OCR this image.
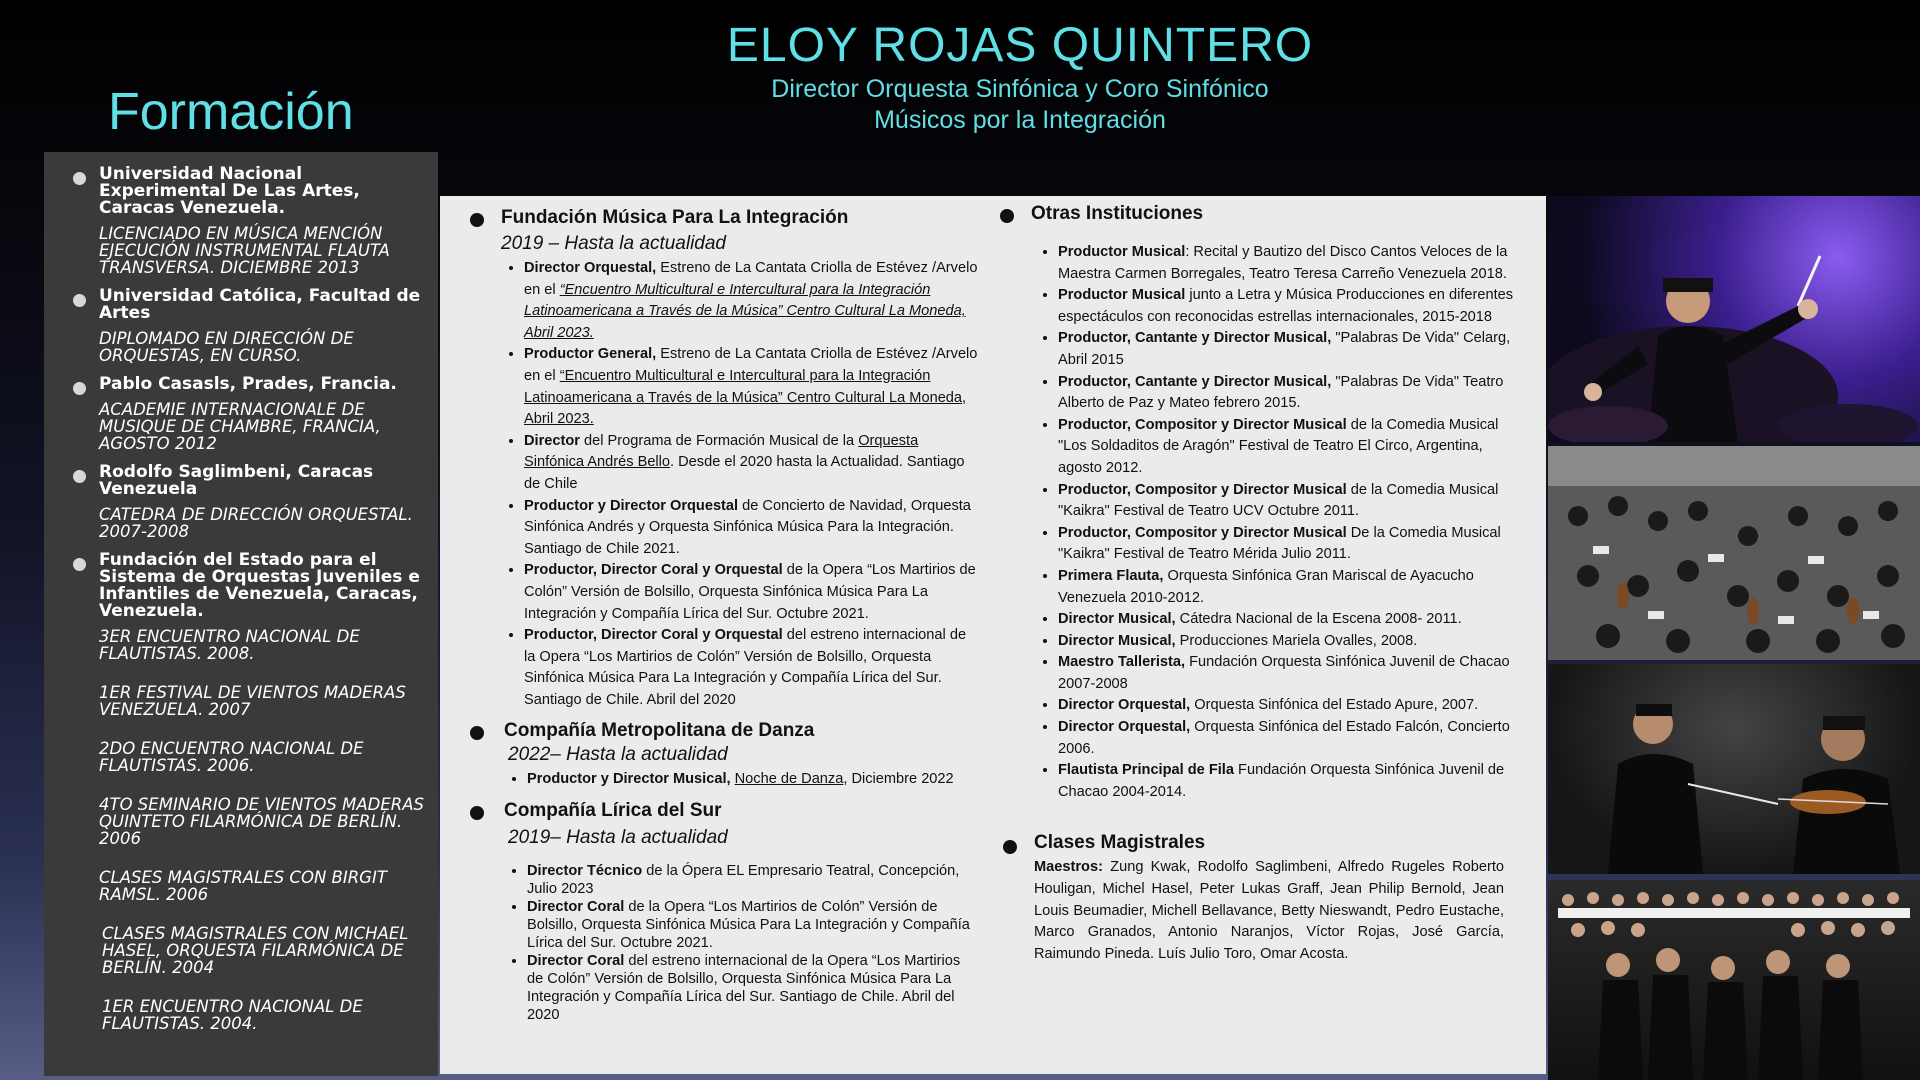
ELOY ROJAS QUINTERO
Director Orquesta Sinfónica y Coro Sinfónico
Músicos por la Integración
Formación
Universidad Nacional Experimental De Las Artes, Caracas Venezuela.
LICENCIADO EN MÚSICA MENCIÓN EJECUCIÓN INSTRUMENTAL FLAUTA TRANSVERSA. DICIEMBRE 2013
Universidad Católica, Facultad de Artes
DIPLOMADO EN DIRECCIÓN DE ORQUESTAS, EN CURSO.
Pablo Casasls, Prades, Francia.
ACADEMIE INTERNACIONALE DE MUSIQUE DE CHAMBRE, FRANCIA, AGOSTO 2012
Rodolfo Saglimbeni, Caracas Venezuela
CATEDRA DE DIRECCIÓN ORQUESTAL. 2007-2008
Fundación del Estado para el Sistema de Orquestas Juveniles e Infantiles de Venezuela, Caracas, Venezuela.
3ER ENCUENTRO NACIONAL DE FLAUTISTAS. 2008.
1ER FESTIVAL DE VIENTOS MADERAS VENEZUELA. 2007
2DO ENCUENTRO NACIONAL DE FLAUTISTAS. 2006.
4TO SEMINARIO DE VIENTOS MADERAS QUINTETO FILARMÓNICA DE BERLÍN. 2006
CLASES MAGISTRALES CON BIRGIT RAMSL. 2006
CLASES MAGISTRALES CON MICHAEL HASEL, ORQUESTA FILARMÓNICA DE BERLÍN. 2004
1ER ENCUENTRO NACIONAL DE FLAUTISTAS. 2004.
Fundación Música Para La Integración
2019 – Hasta la actualidad
• Director Orquestal, Estreno de La Cantata Criolla de Estévez /Arvelo en el “Encuentro Multicultural e Intercultural para la Integración Latinoamericana a Través de la Música” Centro Cultural La Moneda, Abril 2023.
• Productor General, Estreno de La Cantata Criolla de Estévez /Arvelo en el “Encuentro Multicultural e Intercultural para la Integración Latinoamericana a Través de la Música” Centro Cultural La Moneda, Abril 2023.
• Director del Programa de Formación Musical de la Orquesta Sinfónica Andrés Bello. Desde el 2020 hasta la Actualidad. Santiago de Chile
• Productor y Director Orquestal de Concierto de Navidad, Orquesta Sinfónica Andrés y Orquesta Sinfónica Música Para la Integración. Santiago de Chile 2021.
• Productor, Director Coral y Orquestal de la Opera “Los Martirios de Colón” Versión de Bolsillo, Orquesta Sinfónica Música Para La Integración y Compañía Lírica del Sur. Octubre 2021.
• Productor, Director Coral y Orquestal del estreno internacional de la Opera “Los Martirios de Colón” Versión de Bolsillo, Orquesta Sinfónica Música Para La Integración y Compañía Lírica del Sur. Santiago de Chile. Abril del 2020
Compañía Metropolitana de Danza
2022– Hasta la actualidad
• Productor y Director Musical, Noche de Danza, Diciembre 2022
Compañía Lírica del Sur
2019– Hasta la actualidad
• Director Técnico de la Ópera EL Empresario Teatral, Concepción, Julio 2023
• Director Coral de la Opera “Los Martirios de Colón” Versión de Bolsillo, Orquesta Sinfónica Música Para La Integración y Compañía Lírica del Sur. Octubre 2021.
• Director Coral del estreno internacional de la Opera “Los Martirios de Colón” Versión de Bolsillo, Orquesta Sinfónica Música Para La Integración y Compañía Lírica del Sur. Santiago de Chile. Abril del 2020
Otras Instituciones
• Productor Musical: Recital y Bautizo del Disco Cantos Veloces de la Maestra Carmen Borregales, Teatro Teresa Carreño Venezuela 2018.
• Productor Musical junto a Letra y Música Producciones en diferentes espectáculos con reconocidas estrellas internacionales, 2015-2018
• Productor, Cantante y Director Musical, "Palabras De Vida" Celarg, Abril 2015
• Productor, Cantante y Director Musical, "Palabras De Vida" Teatro Alberto de Paz y Mateo febrero 2015.
• Productor, Compositor y Director Musical de la Comedia Musical "Los Soldaditos de Aragón" Festival de Teatro El Circo, Argentina, agosto 2012.
• Productor, Compositor y Director Musical de la Comedia Musical "Kaikra" Festival de Teatro UCV Octubre 2011.
• Productor, Compositor y Director Musical De la Comedia Musical "Kaikra" Festival de Teatro Mérida Julio 2011.
• Primera Flauta, Orquesta Sinfónica Gran Mariscal de Ayacucho Venezuela 2010-2012.
• Director Musical, Cátedra Nacional de la Escena 2008- 2011.
• Director Musical, Producciones Mariela Ovalles, 2008.
• Maestro Tallerista, Fundación Orquesta Sinfónica Juvenil de Chacao 2007-2008
• Director Orquestal, Orquesta Sinfónica del Estado Apure, 2007.
• Director Orquestal, Orquesta Sinfónica del Estado Falcón, Concierto 2006.
• Flautista Principal de Fila Fundación Orquesta Sinfónica Juvenil de Chacao 2004-2014.
Clases Magistrales
Maestros: Zung Kwak, Rodolfo Saglimbeni, Alfredo Rugeles Roberto Houligan, Michel Hasel, Peter Lukas Graff, Jean Philip Bernold, Jean Louis Beumadier, Michell Bellavance, Betty Nieswandt, Pedro Eustache, Marco Granados, Antonio Naranjos, Víctor Rojas, José García, Raimundo Pineda. Luís Julio Toro, Omar Acosta.
